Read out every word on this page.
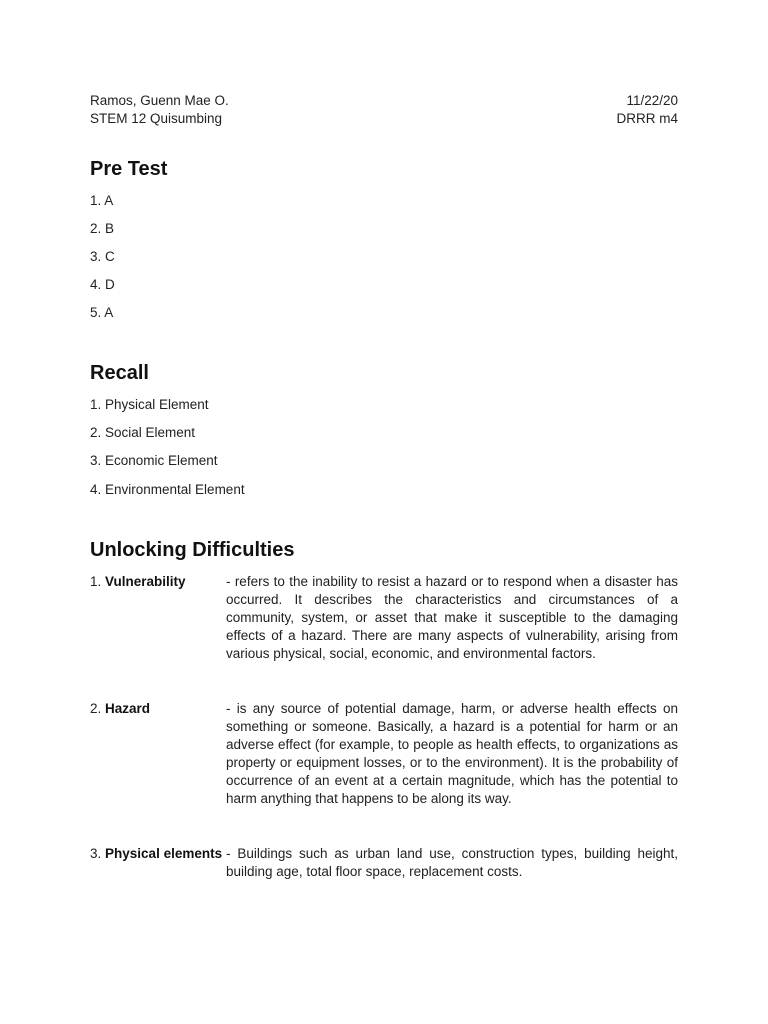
Ramos, Guenn Mae O.	11/22/20
STEM 12 Quisumbing	DRRR m4
Pre Test
1. A
2. B
3. C
4. D
5. A
Recall
1. Physical Element
2. Social Element
3. Economic Element
4. Environmental Element
Unlocking Difficulties
1. Vulnerability	- refers to the inability to resist a hazard or to respond when a disaster has occurred. It describes the characteristics and circumstances of a community, system, or asset that make it susceptible to the damaging effects of a hazard. There are many aspects of vulnerability, arising from various physical, social, economic, and environmental factors.
2. Hazard	- is any source of potential damage, harm, or adverse health effects on something or someone. Basically, a hazard is a potential for harm or an adverse effect (for example, to people as health effects, to organizations as property or equipment losses, or to the environment). It is the probability of occurrence of an event at a certain magnitude, which has the potential to harm anything that happens to be along its way.
3. Physical elements - Buildings such as urban land use, construction types, building height, building age, total floor space, replacement costs.
